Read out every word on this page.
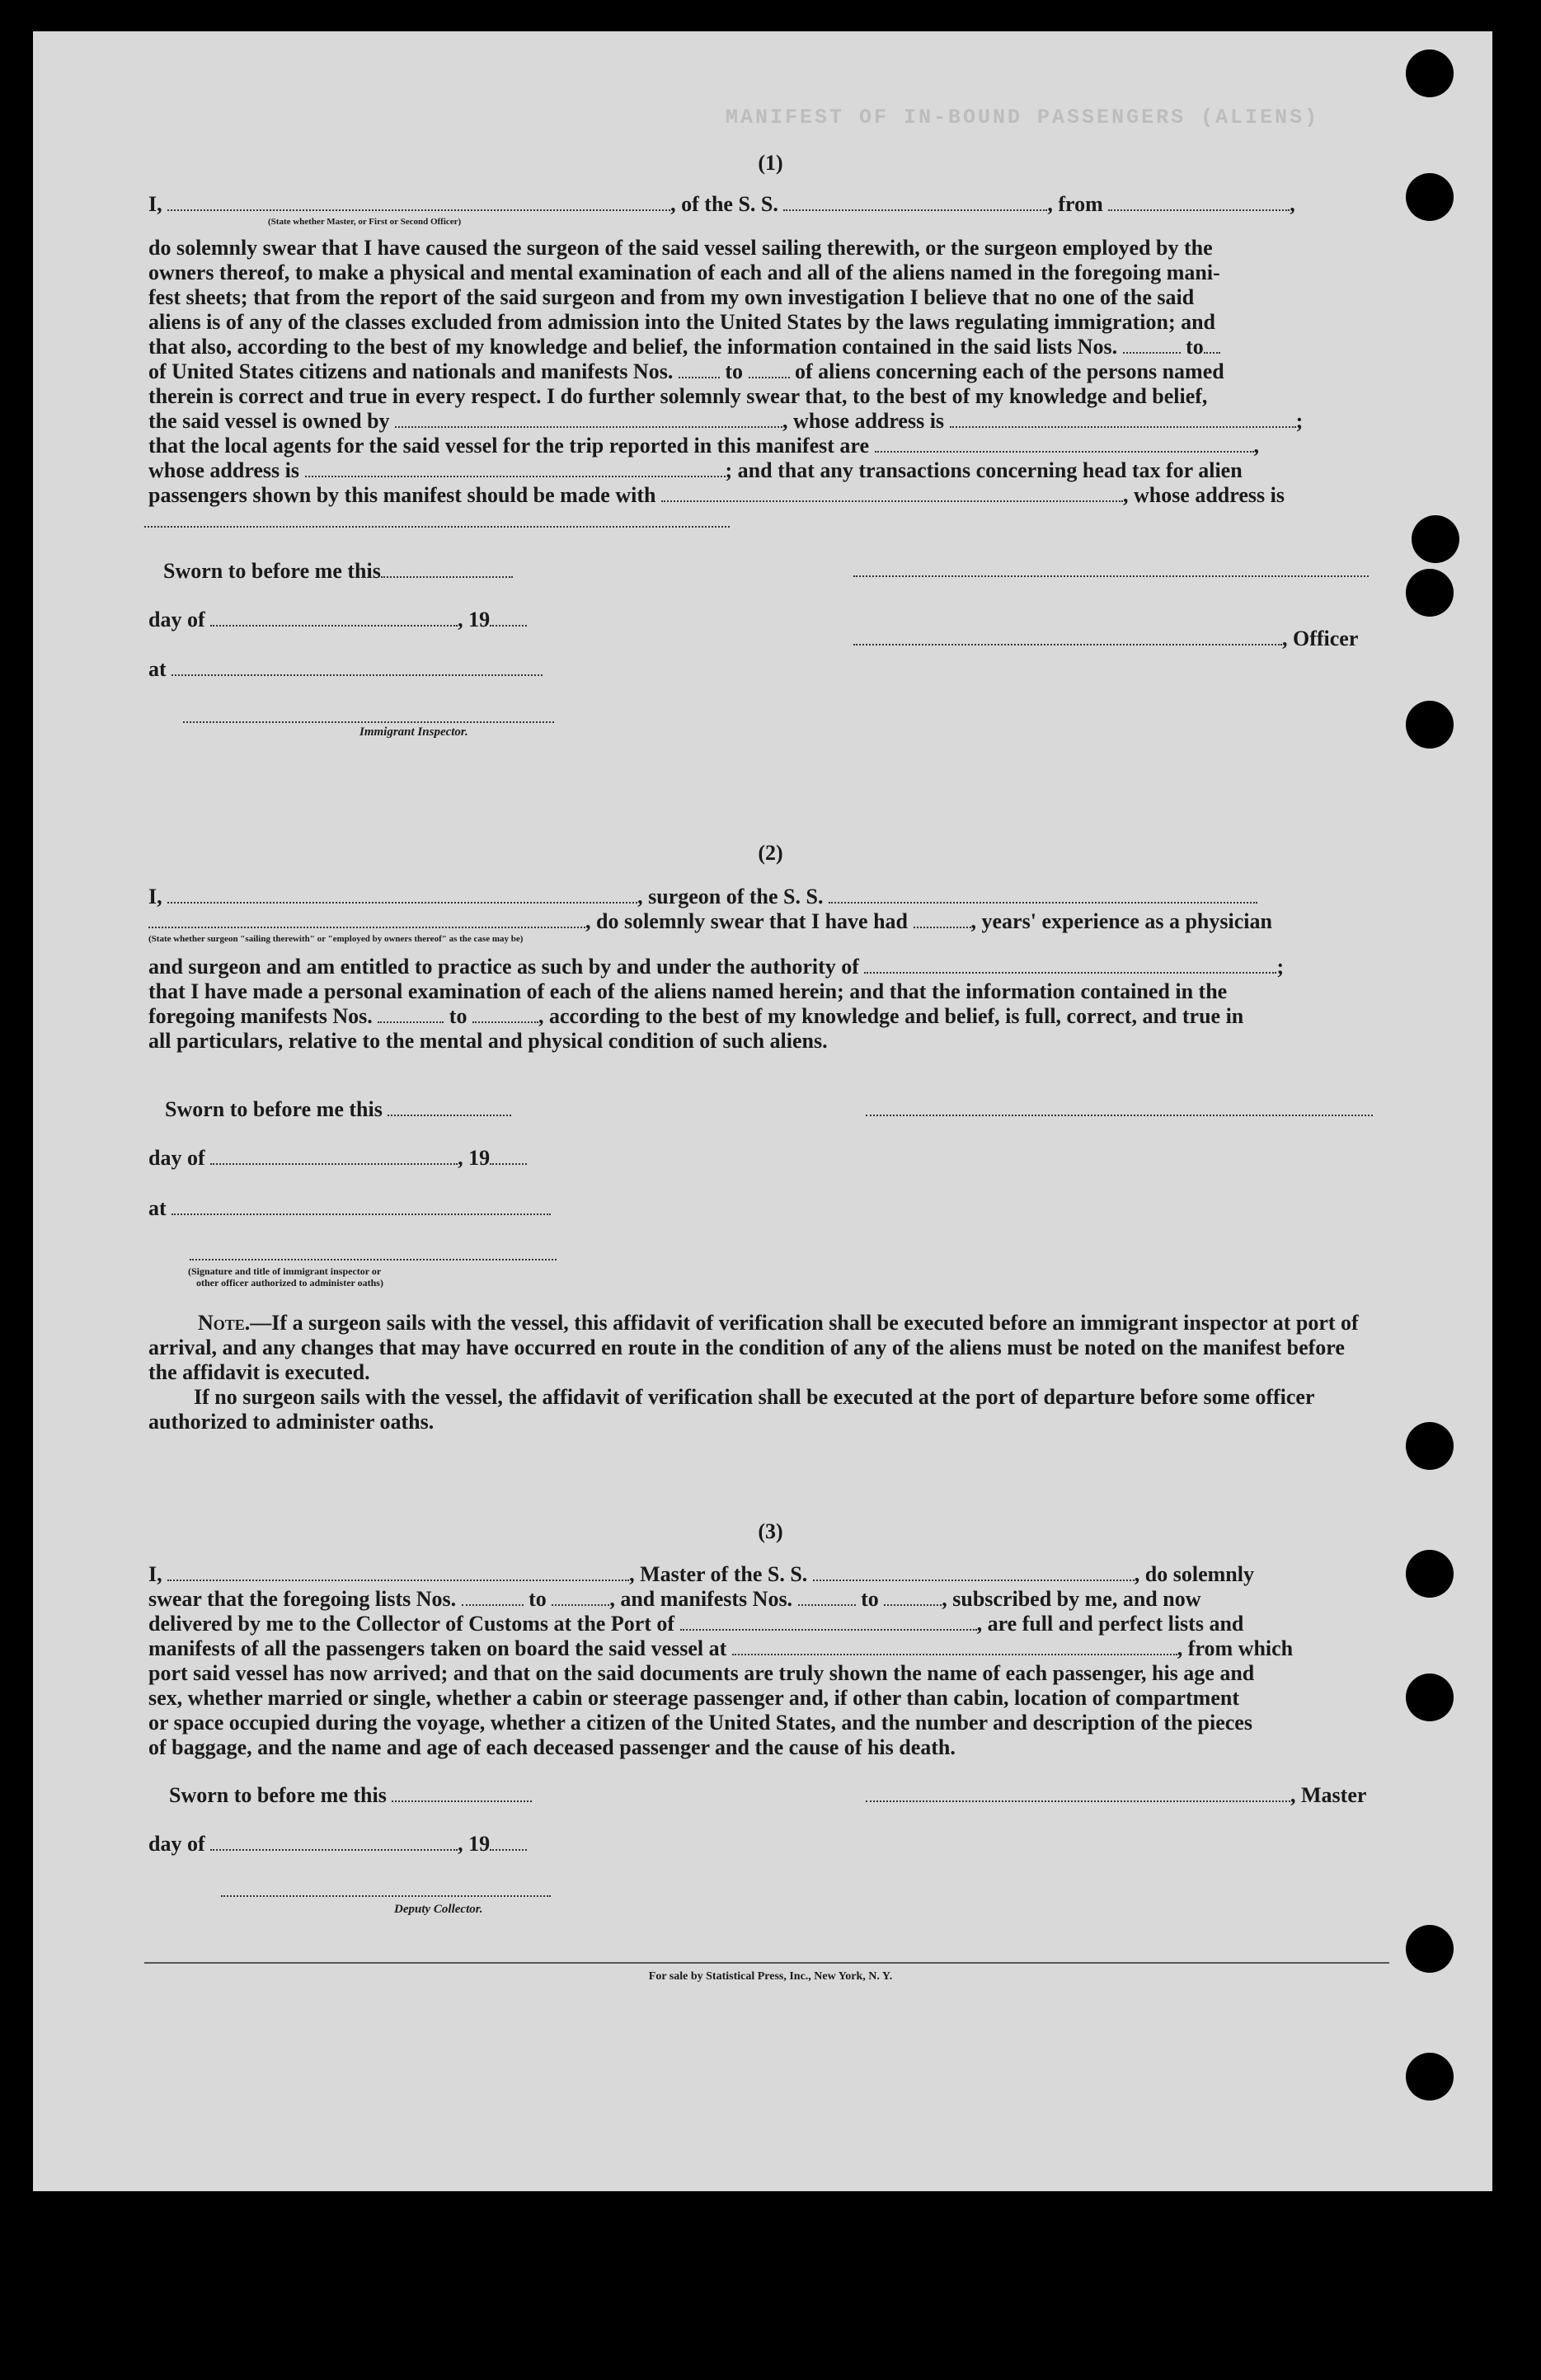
MANIFEST OF IN-BOUND PASSENGERS (ALIENS)
(1)
I,	, of the S. S.	, from	,
(State whether Master, or First or Second Officer)
do solemnly swear that I have caused the surgeon of the said vessel sailing therewith, or the surgeon employed by the
owners thereof, to make a physical and mental examination of each and all of the aliens named in the foregoing mani-
fest sheets; that from the report of the said surgeon and from my own investigation I believe that no one of the said
aliens is of any of the classes excluded from admission into the United States by the laws regulating immigration; and
that also, according to the best of my knowledge and belief, the information contained in the said lists Nos.	to
of United States citizens and nationals and manifests Nos. to of aliens concerning each of the persons named
therein is correct and true in every respect. I do further solemnly swear that, to the best of my knowledge and belief,
the said vessel is owned by	, whose address is	;
that the local agents for the said vessel for the trip reported in this manifest are	,
whose address is	; and that any transactions concerning head tax for alien
passengers shown by this manifest should be made with	, whose address is
Sworn to before me this
day of	, 19
at
, Officer
Immigrant Inspector.
(2)
I,	, surgeon of the S. S.
, do solemnly swear that I have had	, years' experience as a physician
(State whether surgeon "sailing therewith" or "employed by owners thereof" as the case may be)
and surgeon and am entitled to practice as such by and under the authority of	;
that I have made a personal examination of each of the aliens named herein; and that the information contained in the
foregoing manifests Nos.	to	, according to the best of my knowledge and belief, is full, correct, and true in
all particulars, relative to the mental and physical condition of such aliens.
Sworn to before me this
day of	, 19
at
(Signature and title of immigrant inspector or
other officer authorized to administer oaths)

Note.—If a surgeon sails with the vessel, this affidavit of verification shall be executed before an immigrant inspector at port of arrival, and any changes that may have occurred en route in the condition of any of the aliens must be noted on the manifest before the affidavit is executed.

If no surgeon sails with the vessel, the affidavit of verification shall be executed at the port of departure before some officer authorized to administer oaths.

(3)
I,	, Master of the S. S.	, do solemnly
swear that the foregoing lists Nos.	to	, and manifests Nos.	to	, subscribed by me, and now
delivered by me to the Collector of Customs at the Port of	, are full and perfect lists and
manifests of all the passengers taken on board the said vessel at	, from which
port said vessel has now arrived; and that on the said documents are truly shown the name of each passenger, his age and
sex, whether married or single, whether a cabin or steerage passenger and, if other than cabin, location of compartment
or space occupied during the voyage, whether a citizen of the United States, and the number and description of the pieces
of baggage, and the name and age of each deceased passenger and the cause of his death.
Sworn to before me this	, Master
day of	, 19
Deputy Collector.
For sale by Statistical Press, Inc., New York, N. Y.
